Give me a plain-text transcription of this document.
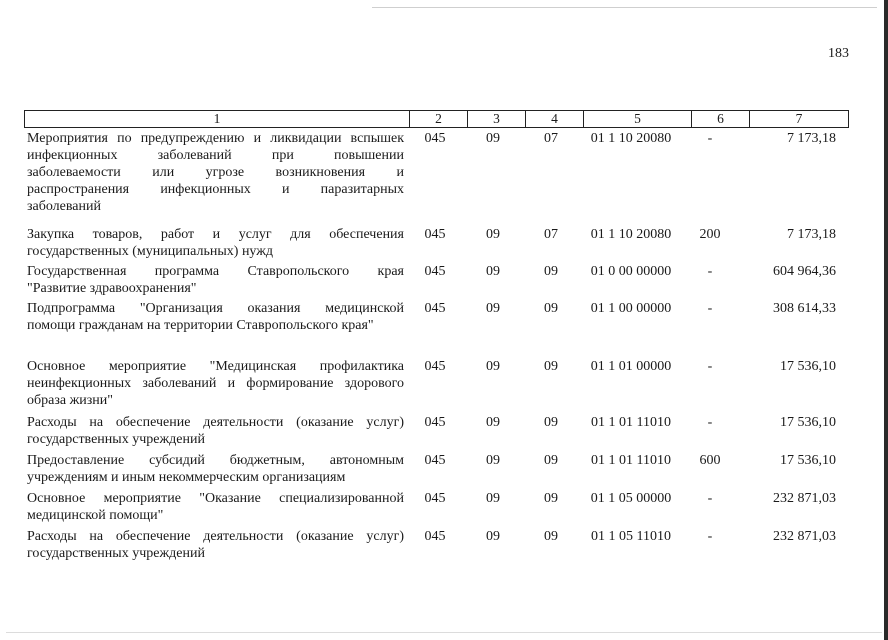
183
1	2	3	4	5	6	7
Мероприятия по предупреждению и ликвидации вспышек
инфекционных заболеваний при повышении
заболеваемости или угрозе возникновения и
распространения инфекционных и паразитарных
заболеваний
045	09	07	01 1 10 20080	-	7 173,18
Закупка товаров, работ и услуг для обеспечения
государственных (муниципальных) нужд
045	09	07	01 1 10 20080	200	7 173,18
Государственная программа Ставропольского края
"Развитие здравоохранения"
045	09	09	01 0 00 00000	-	604 964,36
Подпрограмма "Организация оказания медицинской
помощи гражданам на территории Ставропольского края"
045	09	09	01 1 00 00000	-	308 614,33
Основное мероприятие "Медицинская профилактика
неинфекционных заболеваний и формирование здорового
образа жизни"
045	09	09	01 1 01 00000	-	17 536,10
Расходы на обеспечение деятельности (оказание услуг)
государственных учреждений
045	09	09	01 1 01 11010	-	17 536,10
Предоставление субсидий бюджетным, автономным
учреждениям и иным некоммерческим организациям
045	09	09	01 1 01 11010	600	17 536,10
Основное мероприятие "Оказание специализированной
медицинской помощи"
045	09	09	01 1 05 00000	-	232 871,03
Расходы на обеспечение деятельности (оказание услуг)
государственных учреждений
045	09	09	01 1 05 11010	-	232 871,03
